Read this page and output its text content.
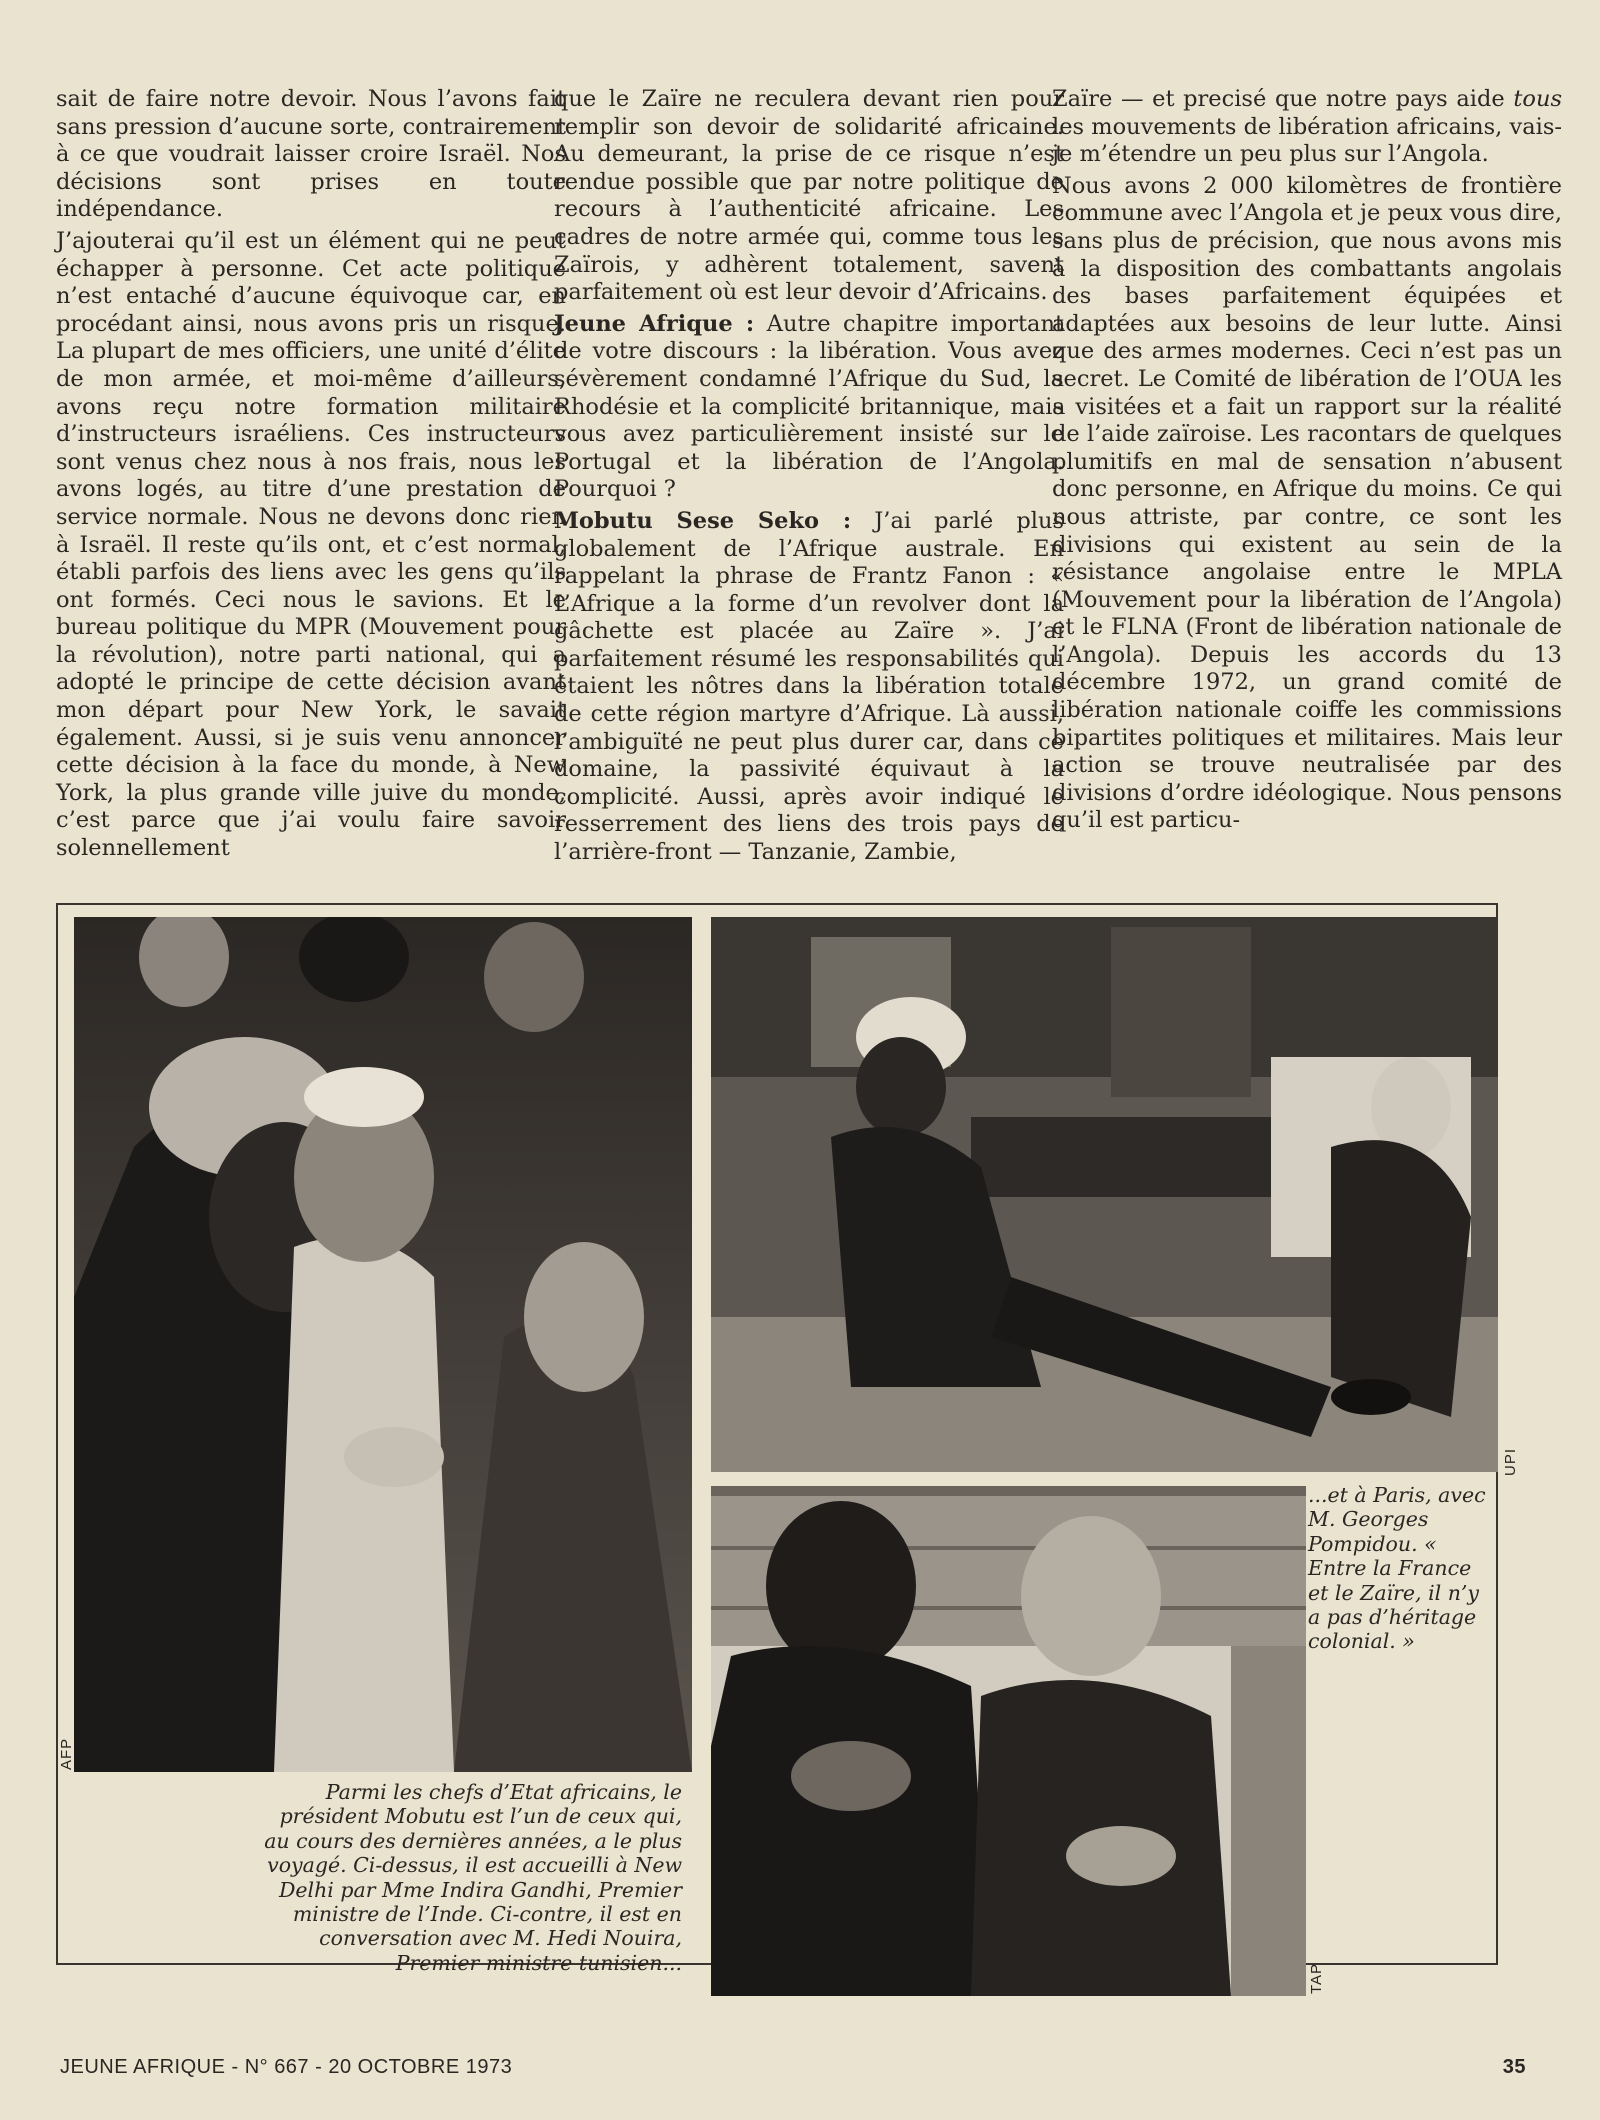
sait de faire notre devoir. Nous l’avons fait sans pression d’aucune sorte, contrairement à ce que voudrait laisser croire Israël. Nos décisions sont prises en toute indépendance.

J’ajouterai qu’il est un élément qui ne peut échapper à personne. Cet acte politique n’est entaché d’aucune équivoque car, en procédant ainsi, nous avons pris un risque. La plupart de mes officiers, une unité d’élite de mon armée, et moi-même d’ailleurs, avons reçu notre formation militaire d’instructeurs israéliens. Ces instructeurs sont venus chez nous à nos frais, nous les avons logés, au titre d’une prestation de service normale. Nous ne devons donc rien à Israël. Il reste qu’ils ont, et c’est normal, établi parfois des liens avec les gens qu’ils ont formés. Ceci nous le savions. Et le bureau politique du MPR (Mouvement pour la révolution), notre parti national, qui a adopté le principe de cette décision avant mon départ pour New York, le savait également. Aussi, si je suis venu annoncer cette décision à la face du monde, à New York, la plus grande ville juive du monde, c’est parce que j’ai voulu faire savoir solennellement

que le Zaïre ne reculera devant rien pour remplir son devoir de solidarité africaine. Au demeurant, la prise de ce risque n’est rendue possible que par notre politique de recours à l’authenticité africaine. Les cadres de notre armée qui, comme tous les Zaïrois, y adhèrent totalement, savent parfaitement où est leur devoir d’Africains.

Jeune Afrique : Autre chapitre important de votre discours : la libération. Vous avez sévèrement condamné l’Afrique du Sud, la Rhodésie et la complicité britannique, mais vous avez particulièrement insisté sur le Portugal et la libération de l’Angola. Pourquoi ?

Mobutu Sese Seko : J’ai parlé plus globalement de l’Afrique australe. En rappelant la phrase de Frantz Fanon : « L’Afrique a la forme d’un revolver dont la gâchette est placée au Zaïre ». J’ai parfaitement résumé les responsabilités qui étaient les nôtres dans la libération totale de cette région martyre d’Afrique. Là aussi, l’ambiguïté ne peut plus durer car, dans ce domaine, la passivité équivaut à la complicité. Aussi, après avoir indiqué le resserrement des liens des trois pays de l’arrière-front — Tanzanie, Zambie,

Zaïre — et precisé que notre pays aide tous les mouvements de libération africains, vais-je m’étendre un peu plus sur l’Angola.

Nous avons 2 000 kilomètres de frontière commune avec l’Angola et je peux vous dire, sans plus de précision, que nous avons mis à la disposition des combattants angolais des bases parfaitement équipées et adaptées aux besoins de leur lutte. Ainsi que des armes modernes. Ceci n’est pas un secret. Le Comité de libération de l’OUA les a visitées et a fait un rapport sur la réalité de l’aide zaïroise. Les racontars de quelques plumitifs en mal de sensation n’abusent donc personne, en Afrique du moins. Ce qui nous attriste, par contre, ce sont les divisions qui existent au sein de la résistance angolaise entre le MPLA (Mouvement pour la libération de l’Angola) et le FLNA (Front de libération nationale de l’Angola). Depuis les accords du 13 décembre 1972, un grand comité de libération nationale coiffe les commissions bipartites politiques et militaires. Mais leur action se trouve neutralisée par des divisions d’ordre idéologique. Nous pensons qu’il est particu-

AFP
UPI
TAP
Parmi les chefs d’Etat africains, le président Mobutu est l’un de ceux qui, au cours des dernières années, a le plus voyagé. Ci-dessus, il est accueilli à New Delhi par Mme Indira Gandhi, Premier ministre de l’Inde. Ci-contre, il est en conversation avec M. Hedi Nouira, Premier ministre tunisien...
...et à Paris, avec M. Georges Pompidou. « Entre la France et le Zaïre, il n’y a pas d’héritage colonial. »
JEUNE AFRIQUE - N° 667 - 20 OCTOBRE 1973	35
